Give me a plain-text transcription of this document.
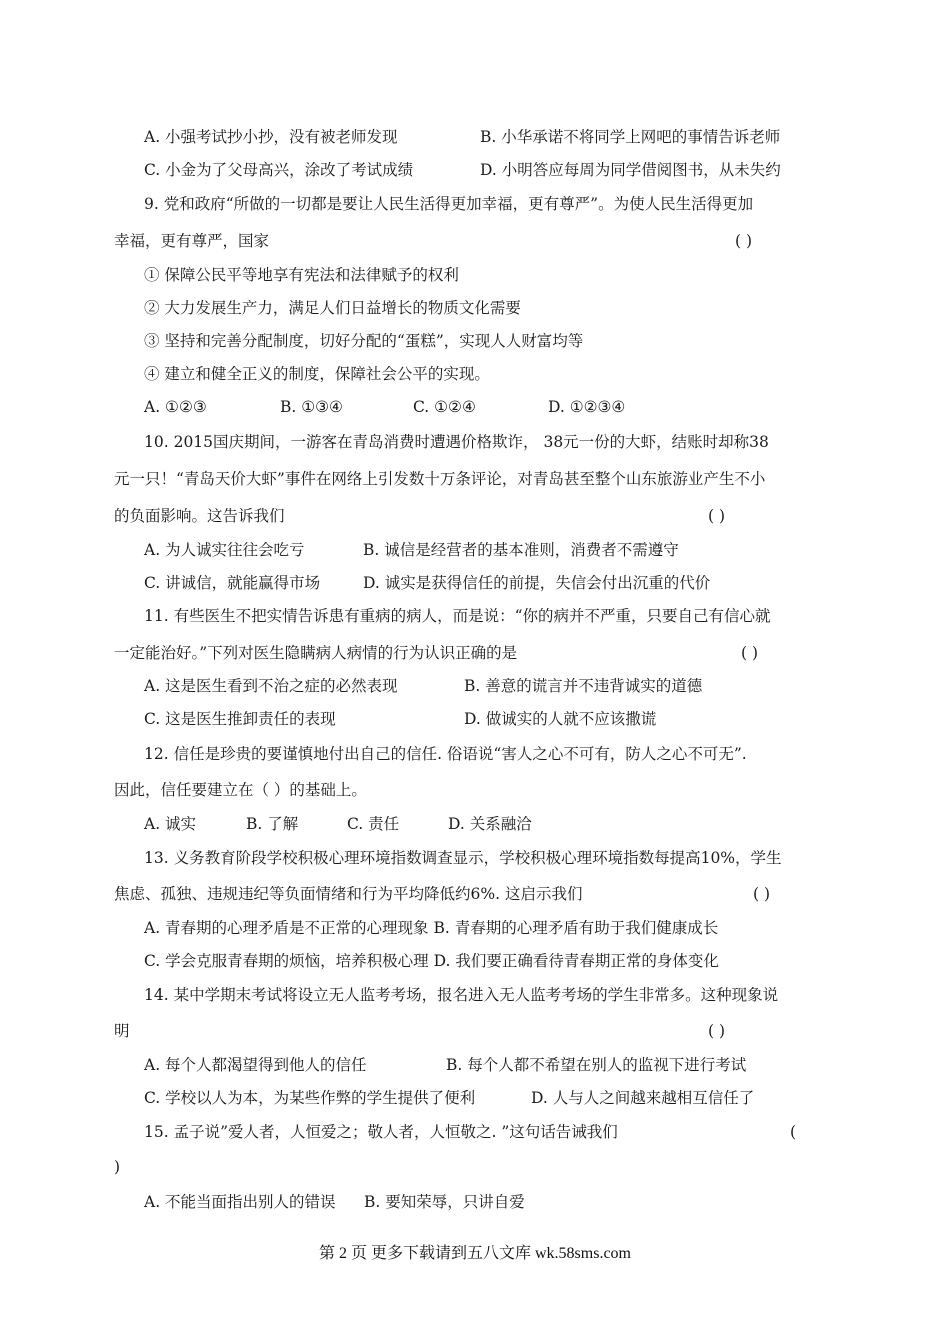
A. 小强考试抄小抄，没有被老师发现	B. 小华承诺不将同学上网吧的事情告诉老师
C. 小金为了父母高兴，涂改了考试成绩	D. 小明答应每周为同学借阅图书，从未失约
9. 党和政府“所做的一切都是要让人民生活得更加幸福，更有尊严”。为使人民生活得更加
幸福，更有尊严，国家	( )
① 保障公民平等地享有宪法和法律赋予的权利
② 大力发展生产力，满足人们日益增长的物质文化需要
③ 坚持和完善分配制度，切好分配的“蛋糕”，实现人人财富均等
④ 建立和健全正义的制度，保障社会公平的实现。
A. ①②③	B. ①③④	C. ①②④	D. ①②③④
10. 2015国庆期间，一游客在青岛消费时遭遇价格欺诈， 38元一份的大虾，结账时却称38
元一只！“青岛天价大虾”事件在网络上引发数十万条评论，对青岛甚至整个山东旅游业产生不小
的负面影响。这告诉我们	( )
A. 为人诚实往往会吃亏	B. 诚信是经营者的基本准则，消费者不需遵守
C. 讲诚信，就能赢得市场	D. 诚实是获得信任的前提，失信会付出沉重的代价
11. 有些医生不把实情告诉患有重病的病人，而是说：“你的病并不严重，只要自己有信心就
一定能治好。”下列对医生隐瞒病人病情的行为认识正确的是	( )
A. 这是医生看到不治之症的必然表现	B. 善意的谎言并不违背诚实的道德
C. 这是医生推卸责任的表现	D. 做诚实的人就不应该撒谎
12. 信任是珍贵的要谨慎地付出自己的信任. 俗语说“害人之心不可有，防人之心不可无”.
因此，信任要建立在（ ）的基础上。
A. 诚实	B. 了解	C. 责任	D. 关系融洽
13. 义务教育阶段学校积极心理环境指数调查显示，学校积极心理环境指数每提高10%，学生
焦虑、孤独、违规违纪等负面情绪和行为平均降低约6%. 这启示我们	( )
A. 青春期的心理矛盾是不正常的心理现象 B. 青春期的心理矛盾有助于我们健康成长
C. 学会克服青春期的烦恼，培养积极心理 D. 我们要正确看待青春期正常的身体变化
14. 某中学期末考试将设立无人监考考场，报名进入无人监考考场的学生非常多。这种现象说
明	( )
A. 每个人都渴望得到他人的信任	B. 每个人都不希望在别人的监视下进行考试
C. 学校以人为本，为某些作弊的学生提供了便利	D. 人与人之间越来越相互信任了
15. 孟子说”爱人者，人恒爱之；敬人者，人恒敬之. ”这句话告诫我们	(
)
A. 不能当面指出别人的错误 B. 要知荣辱，只讲自爱
第 2 页 更多下载请到五八文库 wk.58sms.com
